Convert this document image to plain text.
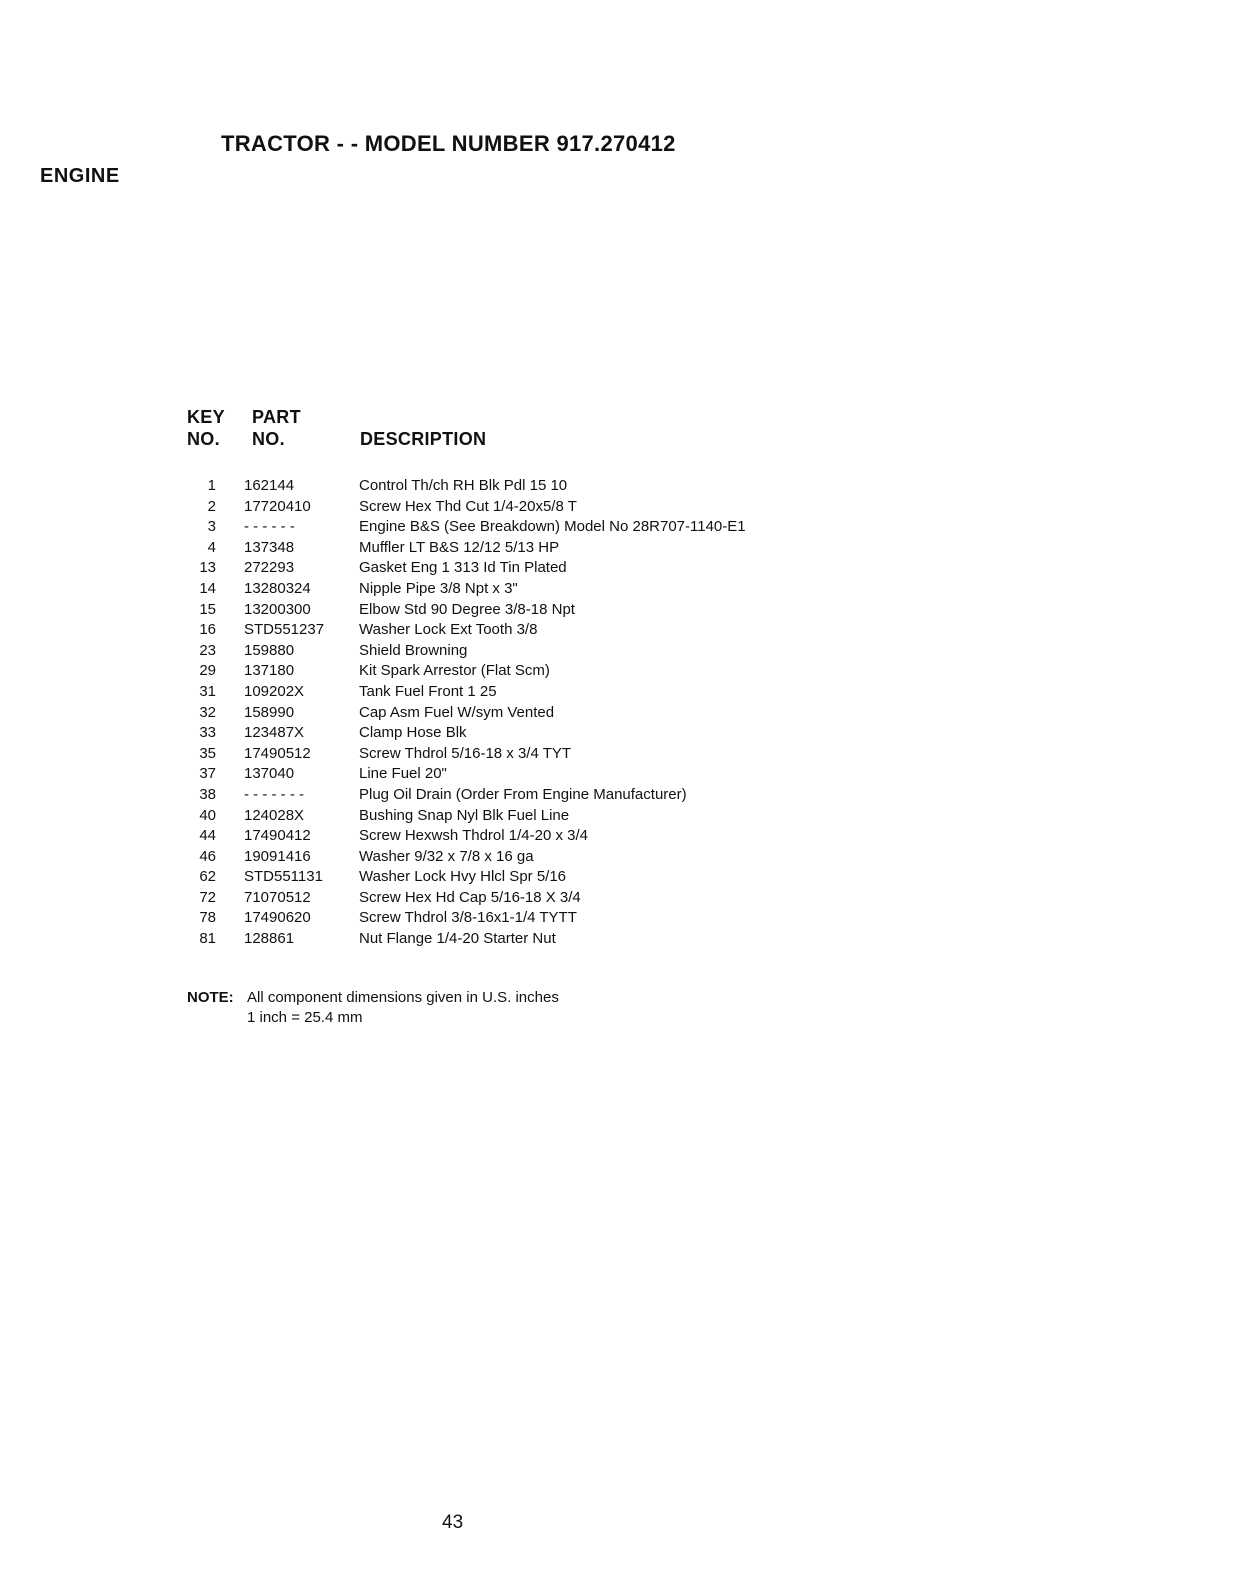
TRACTOR - - MODEL NUMBER 917.270412
ENGINE
KEY
NO.
PART
NO.	DESCRIPTION
1	162144	Control Th/ch RH Blk Pdl 15 10
2	17720410	Screw Hex Thd Cut 1/4-20x5/8 T
3	- - - - - -	Engine B&S (See Breakdown) Model No 28R707-1140-E1
4	137348	Muffler LT B&S 12/12 5/13 HP
13	272293	Gasket Eng 1 313 Id Tin Plated
14	13280324	Nipple Pipe 3/8 Npt x 3"
15	13200300	Elbow Std 90 Degree 3/8-18 Npt
16	STD551237	Washer Lock Ext Tooth 3/8
23	159880	Shield Browning
29	137180	Kit Spark Arrestor (Flat Scm)
31	109202X	Tank Fuel Front 1 25
32	158990	Cap Asm Fuel W/sym Vented
33	123487X	Clamp Hose Blk
35	17490512	Screw Thdrol 5/16-18 x 3/4 TYT
37	137040	Line Fuel 20"
38	- - - - - - -	Plug Oil Drain (Order From Engine Manufacturer)
40	124028X	Bushing Snap Nyl Blk Fuel Line
44	17490412	Screw Hexwsh Thdrol 1/4-20 x 3/4
46	19091416	Washer 9/32 x 7/8 x 16 ga
62	STD551131	Washer Lock Hvy Hlcl Spr 5/16
72	71070512	Screw Hex Hd Cap 5/16-18 X 3/4
78	17490620	Screw Thdrol 3/8-16x1-1/4 TYTT
81	128861	Nut Flange 1/4-20 Starter Nut
NOTE: All component dimensions given in U.S. inches
1 inch = 25.4 mm
43
